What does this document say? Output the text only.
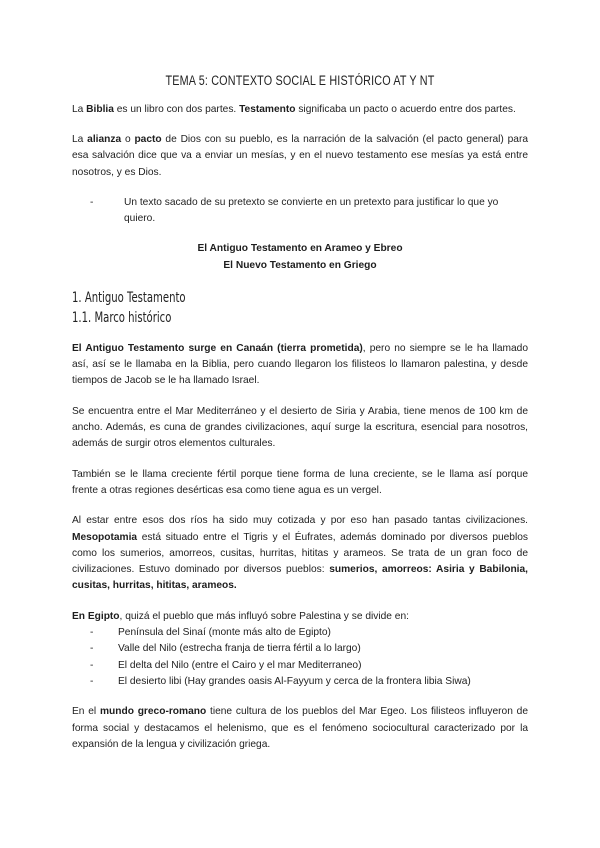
TEMA 5: CONTEXTO SOCIAL E HISTÓRICO AT Y NT

La Biblia es un libro con dos partes. Testamento significaba un pacto o acuerdo entre dos partes.

La alianza o pacto de Dios con su pueblo, es la narración de la salvación (el pacto general) para esa salvación dice que va a enviar un mesías, y en el nuevo testamento ese mesías ya está entre nosotros, y es Dios.

-	Un texto sacado de su pretexto se convierte en un pretexto para justificar lo que yo quiero.
El Antiguo Testamento en Arameo y Ebreo
El Nuevo Testamento en Griego
1. Antiguo Testamento
1.1. Marco histórico

El Antiguo Testamento surge en Canaán (tierra prometida), pero no siempre se le ha llamado así, así se le llamaba en la Biblia, pero cuando llegaron los filisteos lo llamaron palestina, y desde tiempos de Jacob se le ha llamado Israel.

Se encuentra entre el Mar Mediterráneo y el desierto de Siria y Arabia, tiene menos de 100 km de ancho. Además, es cuna de grandes civilizaciones, aquí surge la escritura, esencial para nosotros, además de surgir otros elementos culturales.

También se le llama creciente fértil porque tiene forma de luna creciente, se le llama así porque frente a otras regiones desérticas esa como tiene agua es un vergel.

Al estar entre esos dos ríos ha sido muy cotizada y por eso han pasado tantas civilizaciones. Mesopotamia está situado entre el Tigris y el Éufrates, además dominado por diversos pueblos como los sumerios, amorreos, cusitas, hurritas, hititas y arameos. Se trata de un gran foco de civilizaciones. Estuvo dominado por diversos pueblos: sumerios, amorreos: Asiria y Babilonia, cusitas, hurritas, hititas, arameos.

En Egipto, quizá el pueblo que más influyó sobre Palestina y se divide en:
- Península del Sinaí (monte más alto de Egipto)
- Valle del Nilo (estrecha franja de tierra fértil a lo largo)
- El delta del Nilo (entre el Cairo y el mar Mediterraneo)
- El desierto libi (Hay grandes oasis Al-Fayyum y cerca de la frontera libia Siwa)

En el mundo greco-romano tiene cultura de los pueblos del Mar Egeo. Los filisteos influyeron de forma social y destacamos el helenismo, que es el fenómeno sociocultural caracterizado por la expansión de la lengua y civilización griega.
